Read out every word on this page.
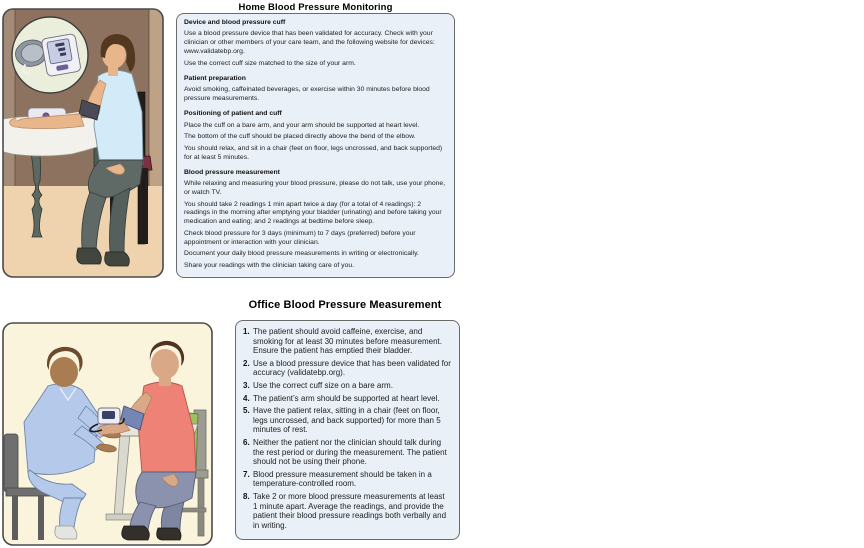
Home Blood Pressure Monitoring
Device and blood pressure cuff

Use a blood pressure device that has been validated for accuracy. Check with your clinician or other members of your care team, and the following website for devices: www.validatebp.org.

Use the correct cuff size matched to the size of your arm.

Patient preparation

Avoid smoking, caffeinated beverages, or exercise within 30 minutes before blood pressure measurements.

Positioning of patient and cuff

Place the cuff on a bare arm, and your arm should be supported at heart level.

The bottom of the cuff should be placed directly above the bend of the elbow.

You should relax, and sit in a chair (feet on floor, legs uncrossed, and back supported) for at least 5 minutes.

Blood pressure measurement

While relaxing and measuring your blood pressure, please do not talk, use your phone, or watch TV.

You should take 2 readings 1 min apart twice a day (for a total of 4 readings): 2 readings in the morning after emptying your bladder (urinating) and before taking your medication and eating; and 2 readings at bedtime before sleep.

Check blood pressure for 3 days (minimum) to 7 days (preferred) before your appointment or interaction with your clinician.

Document your daily blood pressure measurements in writing or electronically.

Share your readings with the clinician taking care of you.

Office Blood Pressure Measurement
1. The patient should avoid caffeine, exercise, and smoking for at least 30 minutes before measurement. Ensure the patient has emptied their bladder.
2. Use a blood pressure device that has been validated for accuracy (validatebp.org).
3. Use the correct cuff size on a bare arm.
4. The patient’s arm should be supported at heart level.
5. Have the patient relax, sitting in a chair (feet on floor, legs uncrossed, and back supported) for more than 5 minutes of rest.
6. Neither the patient nor the clinician should talk during the rest period or during the measurement. The patient should not be using their phone.
7. Blood pressure measurement should be taken in a temperature-controlled room.
8. Take 2 or more blood pressure measurements at least 1 minute apart. Average the readings, and provide the patient their blood pressure readings both verbally and in writing.
